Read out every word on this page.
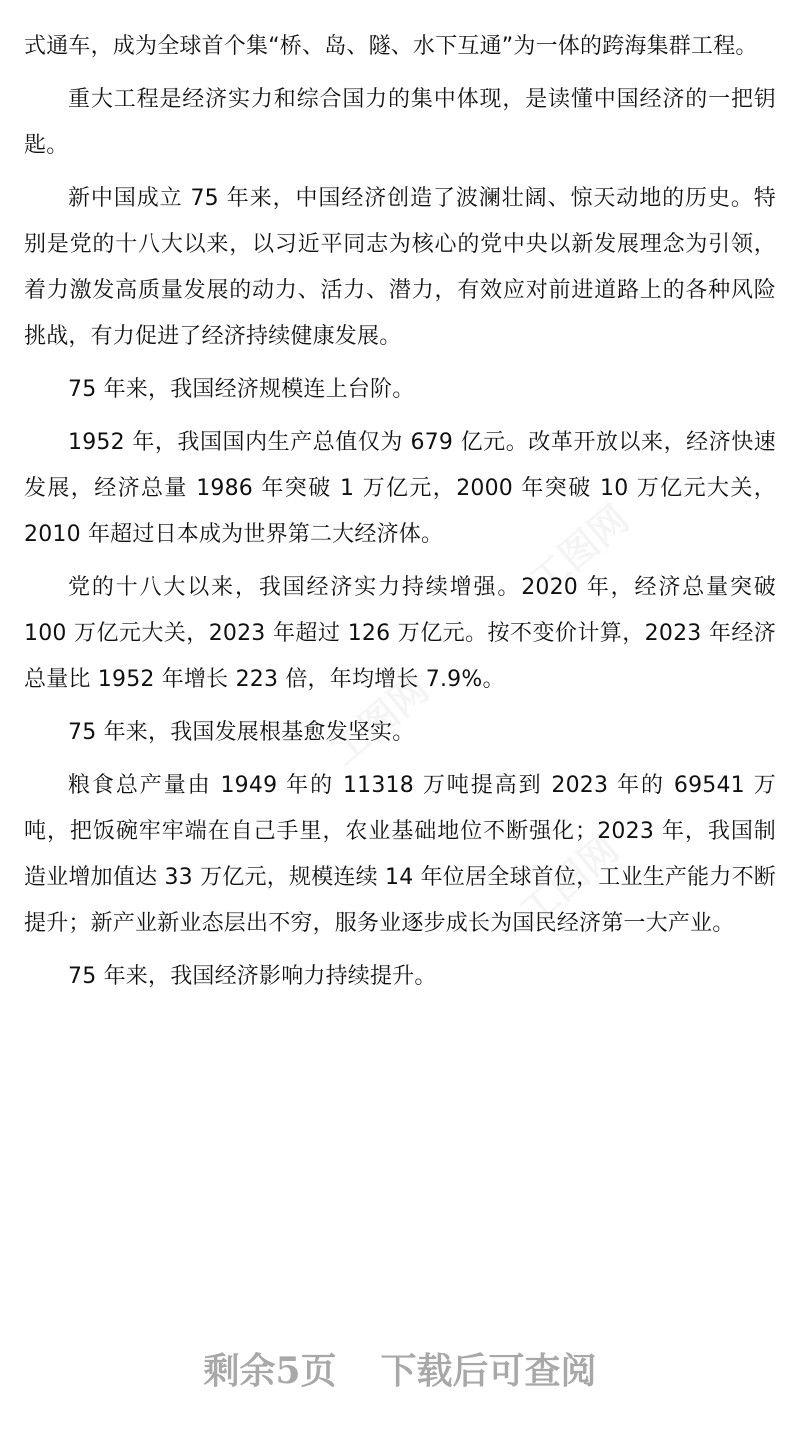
式通车，成为全球首个集“桥、岛、隧、水下互通”为一体的跨海集群工程。

重大工程是经济实力和综合国力的集中体现，是读懂中国经济的一把钥匙。

新中国成立 75 年来，中国经济创造了波澜壮阔、惊天动地的历史。特别是党的十八大以来，以习近平同志为核心的党中央以新发展理念为引领，着力激发高质量发展的动力、活力、潜力，有效应对前进道路上的各种风险挑战，有力促进了经济持续健康发展。

75 年来，我国经济规模连上台阶。

1952 年，我国国内生产总值仅为 679 亿元。改革开放以来，经济快速发展，经济总量 1986 年突破 1 万亿元，2000 年突破 10 万亿元大关，2010 年超过日本成为世界第二大经济体。

党的十八大以来，我国经济实力持续增强。2020 年，经济总量突破 100 万亿元大关，2023 年超过 126 万亿元。按不变价计算，2023 年经济总量比 1952 年增长 223 倍，年均增长 7.9%。

75 年来，我国发展根基愈发坚实。

粮食总产量由 1949 年的 11318 万吨提高到 2023 年的 69541 万吨，把饭碗牢牢端在自己手里，农业基础地位不断强化；2023 年，我国制造业增加值达 33 万亿元，规模连续 14 年位居全球首位，工业生产能力不断提升；新产业新业态层出不穷，服务业逐步成长为国民经济第一大产业。

75 年来，我国经济影响力持续提升。

剩余5页 下载后可查阅
